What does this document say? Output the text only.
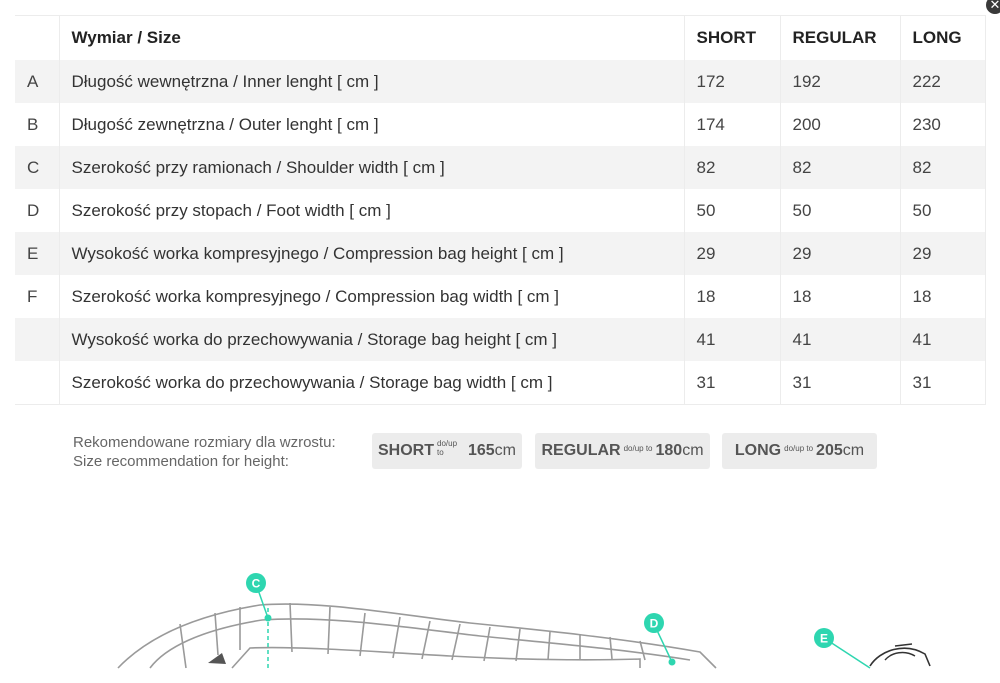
✕
	Wymiar / Size	SHORT	REGULAR	LONG
A	Długość wewnętrzna / Inner lenght [ cm ]	172	192	222
B	Długość zewnętrzna / Outer lenght [ cm ]	174	200	230
C	Szerokość przy ramionach / Shoulder width [ cm ]	82	82	82
D	Szerokość przy stopach / Foot width [ cm ]	50	50	50
E	Wysokość worka kompresyjnego / Compression bag height [ cm ]	29	29	29
F	Szerokość worka kompresyjnego / Compression bag width [ cm ]	18	18	18
	Wysokość worka do przechowywania / Storage bag height [ cm ]	41	41	41
	Szerokość worka do przechowywania / Storage bag width [ cm ]	31	31	31
Rekomendowane rozmiary dla wzrostu:
Size recommendation for height:
SHORT do/up to	165 cm REGULAR do/up to 180 cm LONG do/up to 205 cm
C
D
E
